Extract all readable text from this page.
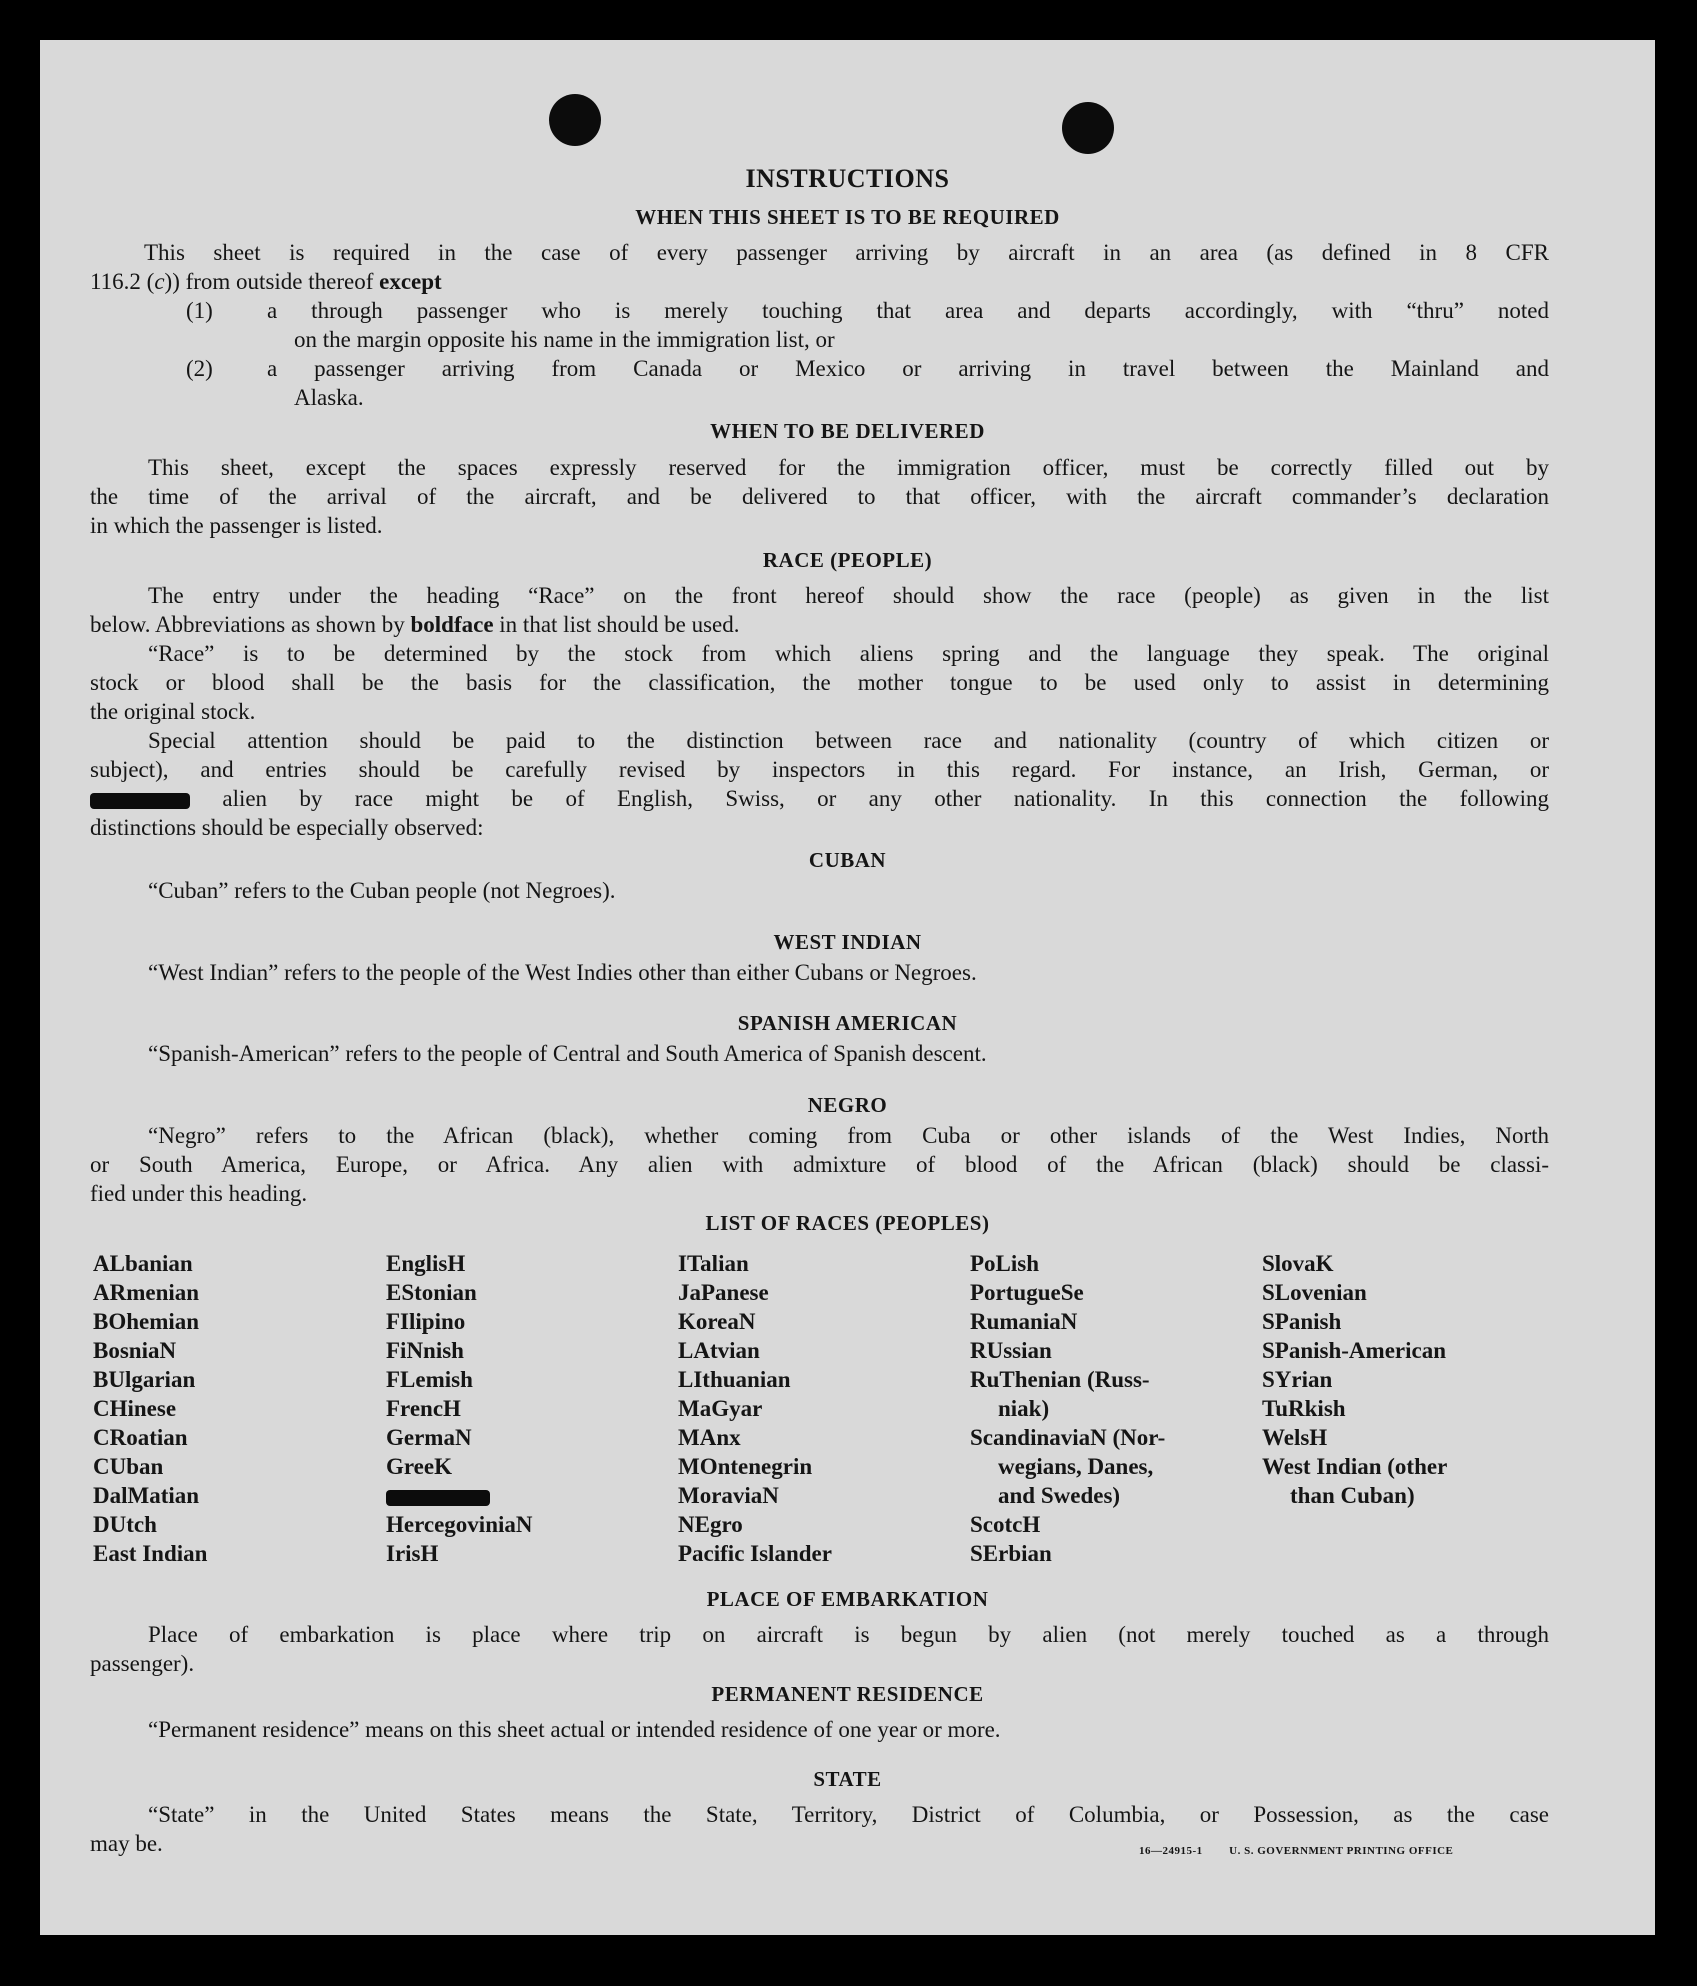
INSTRUCTIONS
WHEN THIS SHEET IS TO BE REQUIRED
This sheet is required in the case of every passenger arriving by aircraft in an area (as defined in 8 CFR
116.2 (c)) from outside thereof except
(1) a through passenger who is merely touching that area and departs accordingly, with “thru” noted
on the margin opposite his name in the immigration list, or
(2) a passenger arriving from Canada or Mexico or arriving in travel between the Mainland and
Alaska.
WHEN TO BE DELIVERED
This sheet, except the spaces expressly reserved for the immigration officer, must be correctly filled out by
the time of the arrival of the aircraft, and be delivered to that officer, with the aircraft commander’s declaration
in which the passenger is listed.
RACE (PEOPLE)
The entry under the heading “Race” on the front hereof should show the race (people) as given in the list
below. Abbreviations as shown by boldface in that list should be used.
“Race” is to be determined by the stock from which aliens spring and the language they speak. The original
stock or blood shall be the basis for the classification, the mother tongue to be used only to assist in determining
the original stock.
Special attention should be paid to the distinction between race and nationality (country of which citizen or
subject), and entries should be carefully revised by inspectors in this regard. For instance, an Irish, German, or
alien by race might be of English, Swiss, or any other nationality. In this connection the following
distinctions should be especially observed:
CUBAN
“Cuban” refers to the Cuban people (not Negroes).
WEST INDIAN
“West Indian” refers to the people of the West Indies other than either Cubans or Negroes.
SPANISH AMERICAN
“Spanish-American” refers to the people of Central and South America of Spanish descent.
NEGRO
“Negro” refers to the African (black), whether coming from Cuba or other islands of the West Indies, North
or South America, Europe, or Africa. Any alien with admixture of blood of the African (black) should be classi-
fied under this heading.
LIST OF RACES (PEOPLES)
ALbanian
ARmenian
BOhemian
BosniaN
BUlgarian
CHinese
CRoatian
CUban
DalMatian
DUtch
East Indian
EnglisH
EStonian
FIlipino
FiNnish
FLemish
FrencH
GermaN
GreeK
HercegoviniaN
IrisH
ITalian
JaPanese
KoreaN
LAtvian
LIthuanian
MaGyar
MAnx
MOntenegrin
MoraviaN
NEgro
Pacific Islander
PoLish
PortugueSe
RumaniaN
RUssian
RuThenian (Russ-
niak)
ScandinaviaN (Nor-
wegians, Danes,
and Swedes)
ScotcH
SErbian
SlovaK
SLovenian
SPanish
SPanish-American
SYrian
TuRkish
WelsH
West Indian (other
than Cuban)
PLACE OF EMBARKATION
Place of embarkation is place where trip on aircraft is begun by alien (not merely touched as a through
passenger).
PERMANENT RESIDENCE
“Permanent residence” means on this sheet actual or intended residence of one year or more.
STATE
“State” in the United States means the State, Territory, District of Columbia, or Possession, as the case
may be.	16—24915-1 U. S. GOVERNMENT PRINTING OFFICE
